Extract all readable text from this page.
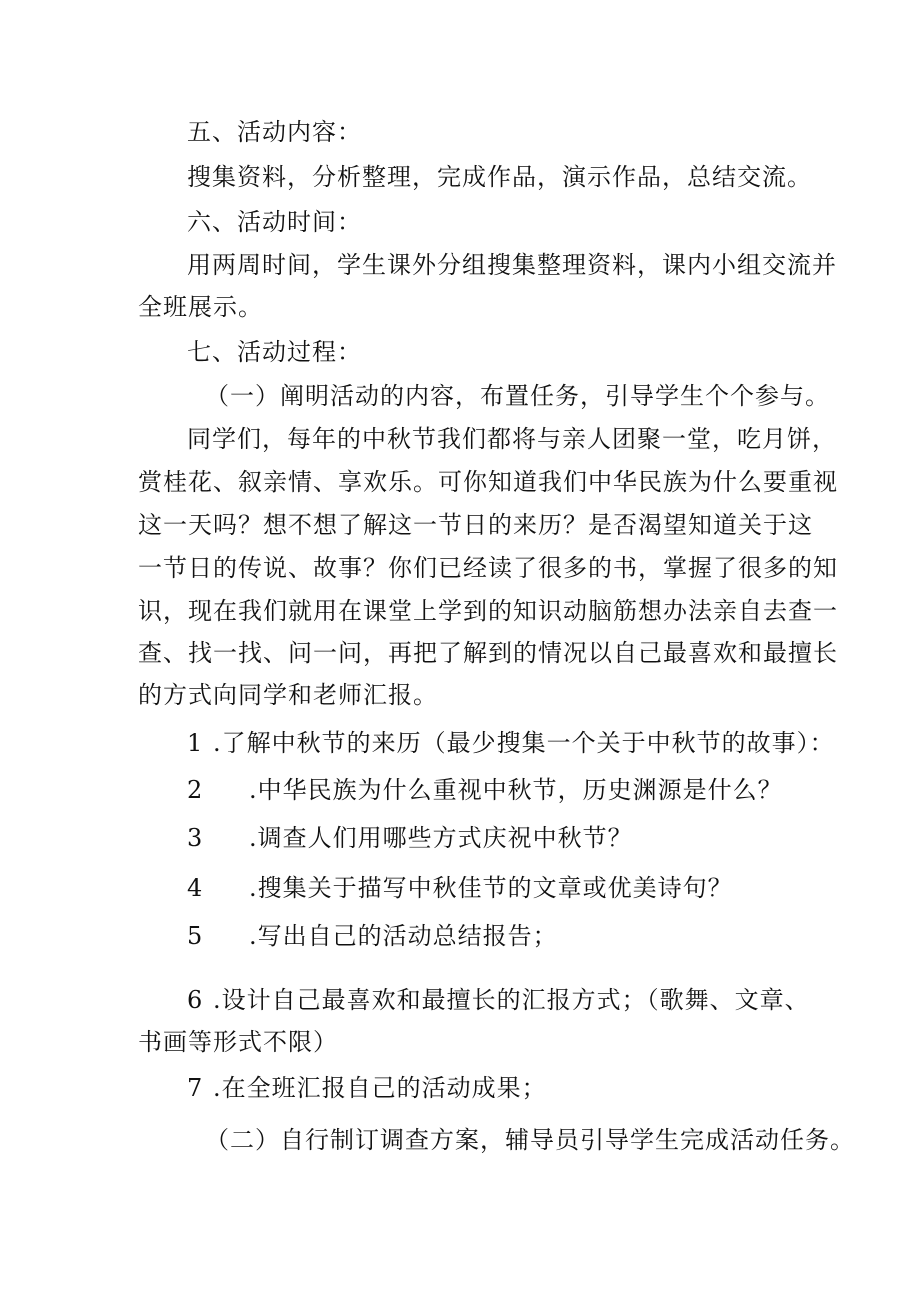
五、活动内容：
搜集资料，分析整理，完成作品，演示作品，总结交流。
六、活动时间：
用两周时间，学生课外分组搜集整理资料，课内小组交流并
全班展示。
七、活动过程：
（一）阐明活动的内容，布置任务，引导学生个个参与。
同学们，每年的中秋节我们都将与亲人团聚一堂，吃月饼，
赏桂花、叙亲情、享欢乐。可你知道我们中华民族为什么要重视
这一天吗？想不想了解这一节日的来历？是否渴望知道关于这
一节日的传说、故事？你们已经读了很多的书，掌握了很多的知
识，现在我们就用在课堂上学到的知识动脑筋想办法亲自去查一
查、找一找、问一问，再把了解到的情况以自己最喜欢和最擅长
的方式向同学和老师汇报。
1 .了解中秋节的来历（最少搜集一个关于中秋节的故事）：
2 .中华民族为什么重视中秋节，历史渊源是什么？
3 .调查人们用哪些方式庆祝中秋节？
4 .搜集关于描写中秋佳节的文章或优美诗句？
5 .写出自己的活动总结报告；
6 .设计自己最喜欢和最擅长的汇报方式；（歌舞、文章、
书画等形式不限）
7 .在全班汇报自己的活动成果；
（二）自行制订调查方案，辅导员引导学生完成活动任务。
